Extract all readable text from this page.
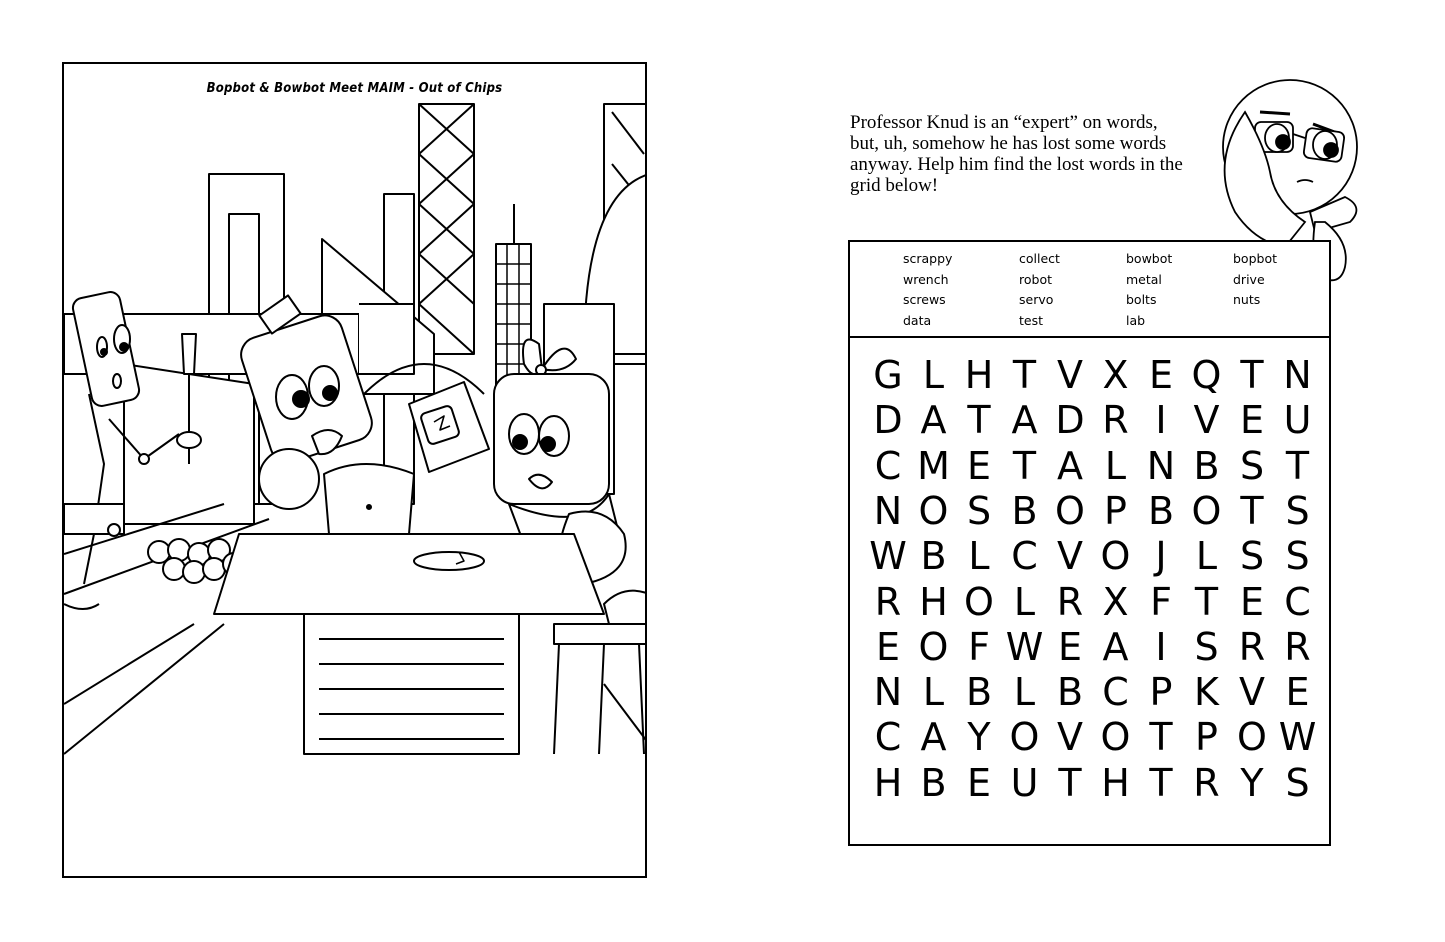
Bopbot & Bowbot Meet MAIM - Out of Chips
Professor Knud is an “expert” on words, but, uh, somehow he has lost some words anyway. Help him find the lost words in the grid below!
scrappy	collect	bowbot	bopbot
wrench	robot	metal	drive
screws	servo	bolts	nuts
data	test	lab
G L H T V X E Q T N
D A T A D R I V E U
C M E T A L N B S T
N O S B O P B O T S
W B L C V O J L S S
R H O L R X F T E C
E O F W E A I S R R
N L B L B C P K V E
C A Y O V O T P O W
H B E U T H T R Y S
